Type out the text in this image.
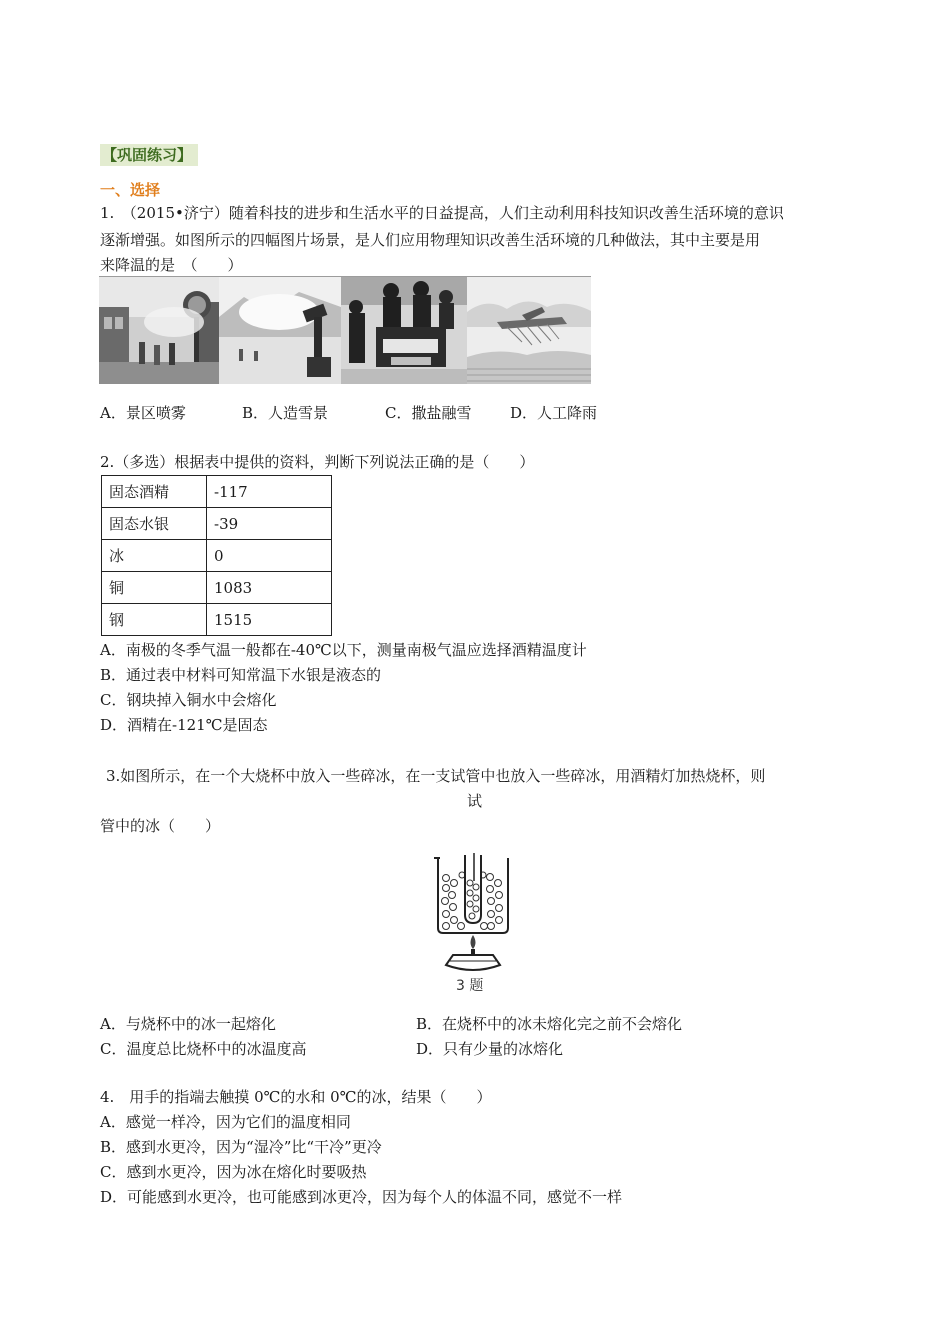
【巩固练习】
一、选择
1.　（2015•济宁）随着科技的进步和生活水平的日益提高，人们主动利用科技知识改善生活环境的意识
逐渐增强。如图所示的四幅图片场景，是人们应用物理知识改善生活环境的几种做法，其中主要是用
来降温的是　（　　）
A．景区喷雾	B．人造雪景	C．撒盐融雪	D．人工降雨
2.（多选）根据表中提供的资料，判断下列说法正确的是（　　）
固态酒精	-117
固态水银	-39
冰	0
铜	1083
钢	1515
A．南极的冬季气温一般都在-40℃以下，测量南极气温应选择酒精温度计
B．通过表中材料可知常温下水银是液态的
C．钢块掉入铜水中会熔化
D．酒精在-121℃是固态
3.如图所示，在一个大烧杯中放入一些碎冰，在一支试管中也放入一些碎冰，用酒精灯加热烧杯，则
试
管中的冰（　　）
3 题
A．与烧杯中的冰一起熔化	B．在烧杯中的冰未熔化完之前不会熔化
C．温度总比烧杯中的冰温度高	D．只有少量的冰熔化
4.　用手的指端去触摸 0℃的水和 0℃的冰，结果（　　）
A．感觉一样冷，因为它们的温度相同
B．感到水更冷，因为“湿冷”比“干冷”更冷
C．感到水更冷，因为冰在熔化时要吸热
D．可能感到水更冷，也可能感到冰更冷，因为每个人的体温不同，感觉不一样
